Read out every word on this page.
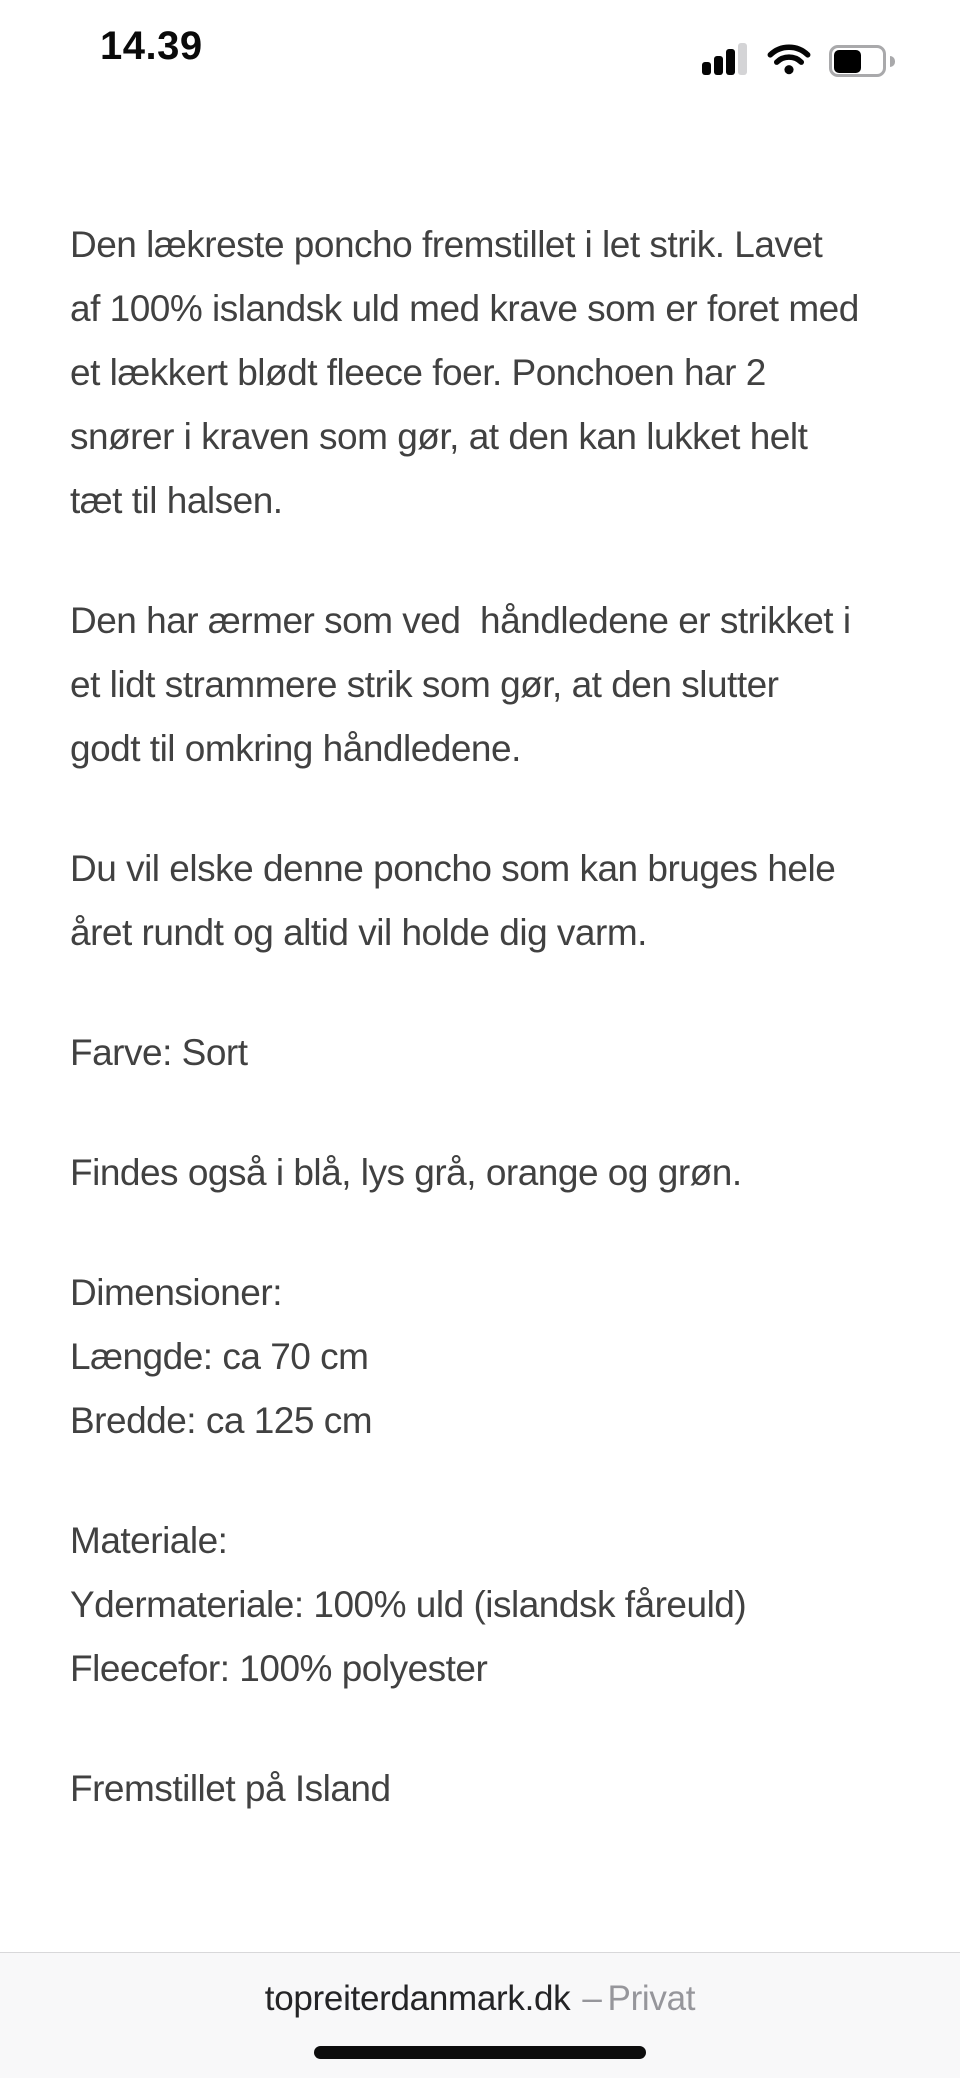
14.39

Den lækreste poncho fremstillet i let strik. Lavet
af 100% islandsk uld med krave som er foret med
et lækkert blødt fleece foer. Ponchoen har 2
snører i kraven som gør, at den kan lukket helt
tæt til halsen.

Den har ærmer som ved  håndledene er strikket i
et lidt strammere strik som gør, at den slutter
godt til omkring håndledene.

Du vil elske denne poncho som kan bruges hele
året rundt og altid vil holde dig varm.

Farve: Sort

Findes også i blå, lys grå, orange og grøn.

Dimensioner:
Længde: ca 70 cm
Bredde: ca 125 cm

Materiale:
Ydermateriale: 100% uld (islandsk fåreuld)
Fleecefor: 100% polyester

Fremstillet på Island

topreiterdanmark.dk – Privat
